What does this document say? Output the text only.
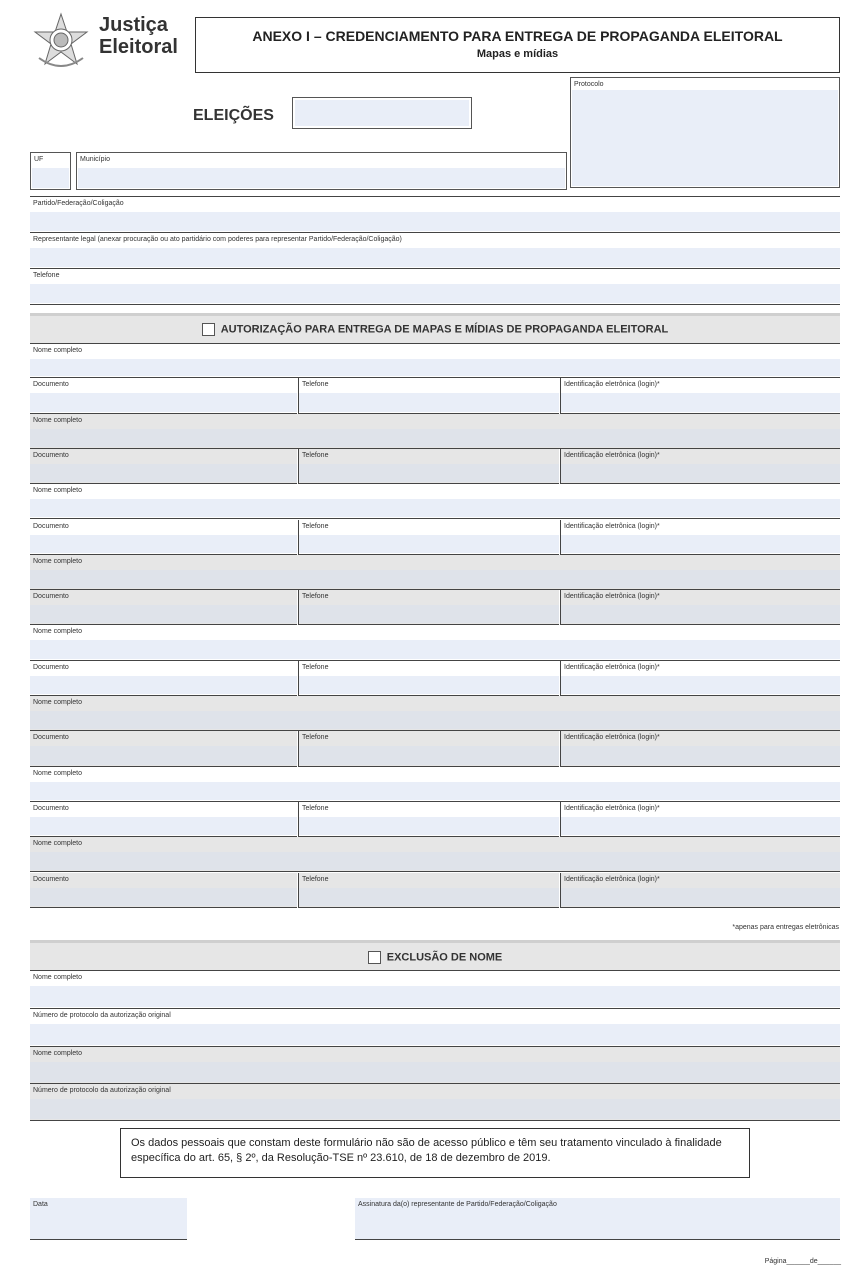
Justiça
Eleitoral	ANEXO I – CREDENCIAMENTO PARA ENTREGA DE PROPAGANDA ELEITORAL
Mapas e mídias
ELEIÇÕES
Protocolo
UF	Município
Partido/Federação/Coligação
Representante legal (anexar procuração ou ato partidário com poderes para representar Partido/Federação/Coligação)
Telefone
AUTORIZAÇÃO PARA ENTREGA DE MAPAS E MÍDIAS DE PROPAGANDA ELEITORAL
Nome completo
Documento	Telefone	Identificação eletrônica (login)*
Nome completo
Documento	Telefone	Identificação eletrônica (login)*
Nome completo
Documento	Telefone	Identificação eletrônica (login)*
Nome completo
Documento	Telefone	Identificação eletrônica (login)*
Nome completo
Documento	Telefone	Identificação eletrônica (login)*
Nome completo
Documento	Telefone	Identificação eletrônica (login)*
Nome completo
Documento	Telefone	Identificação eletrônica (login)*
Nome completo
Documento	Telefone	Identificação eletrônica (login)*
*apenas para entregas eletrônicas
EXCLUSÃO DE NOME
Nome completo
Número de protocolo da autorização original
Nome completo
Número de protocolo da autorização original
Os dados pessoais que constam deste formulário não são de acesso público e têm seu tratamento vinculado à finalidade específica do art. 65, § 2º, da Resolução-TSE nº 23.610, de 18 de dezembro de 2019.
Data	Assinatura da(o) representante de Partido/Federação/Coligação
Página______de______
